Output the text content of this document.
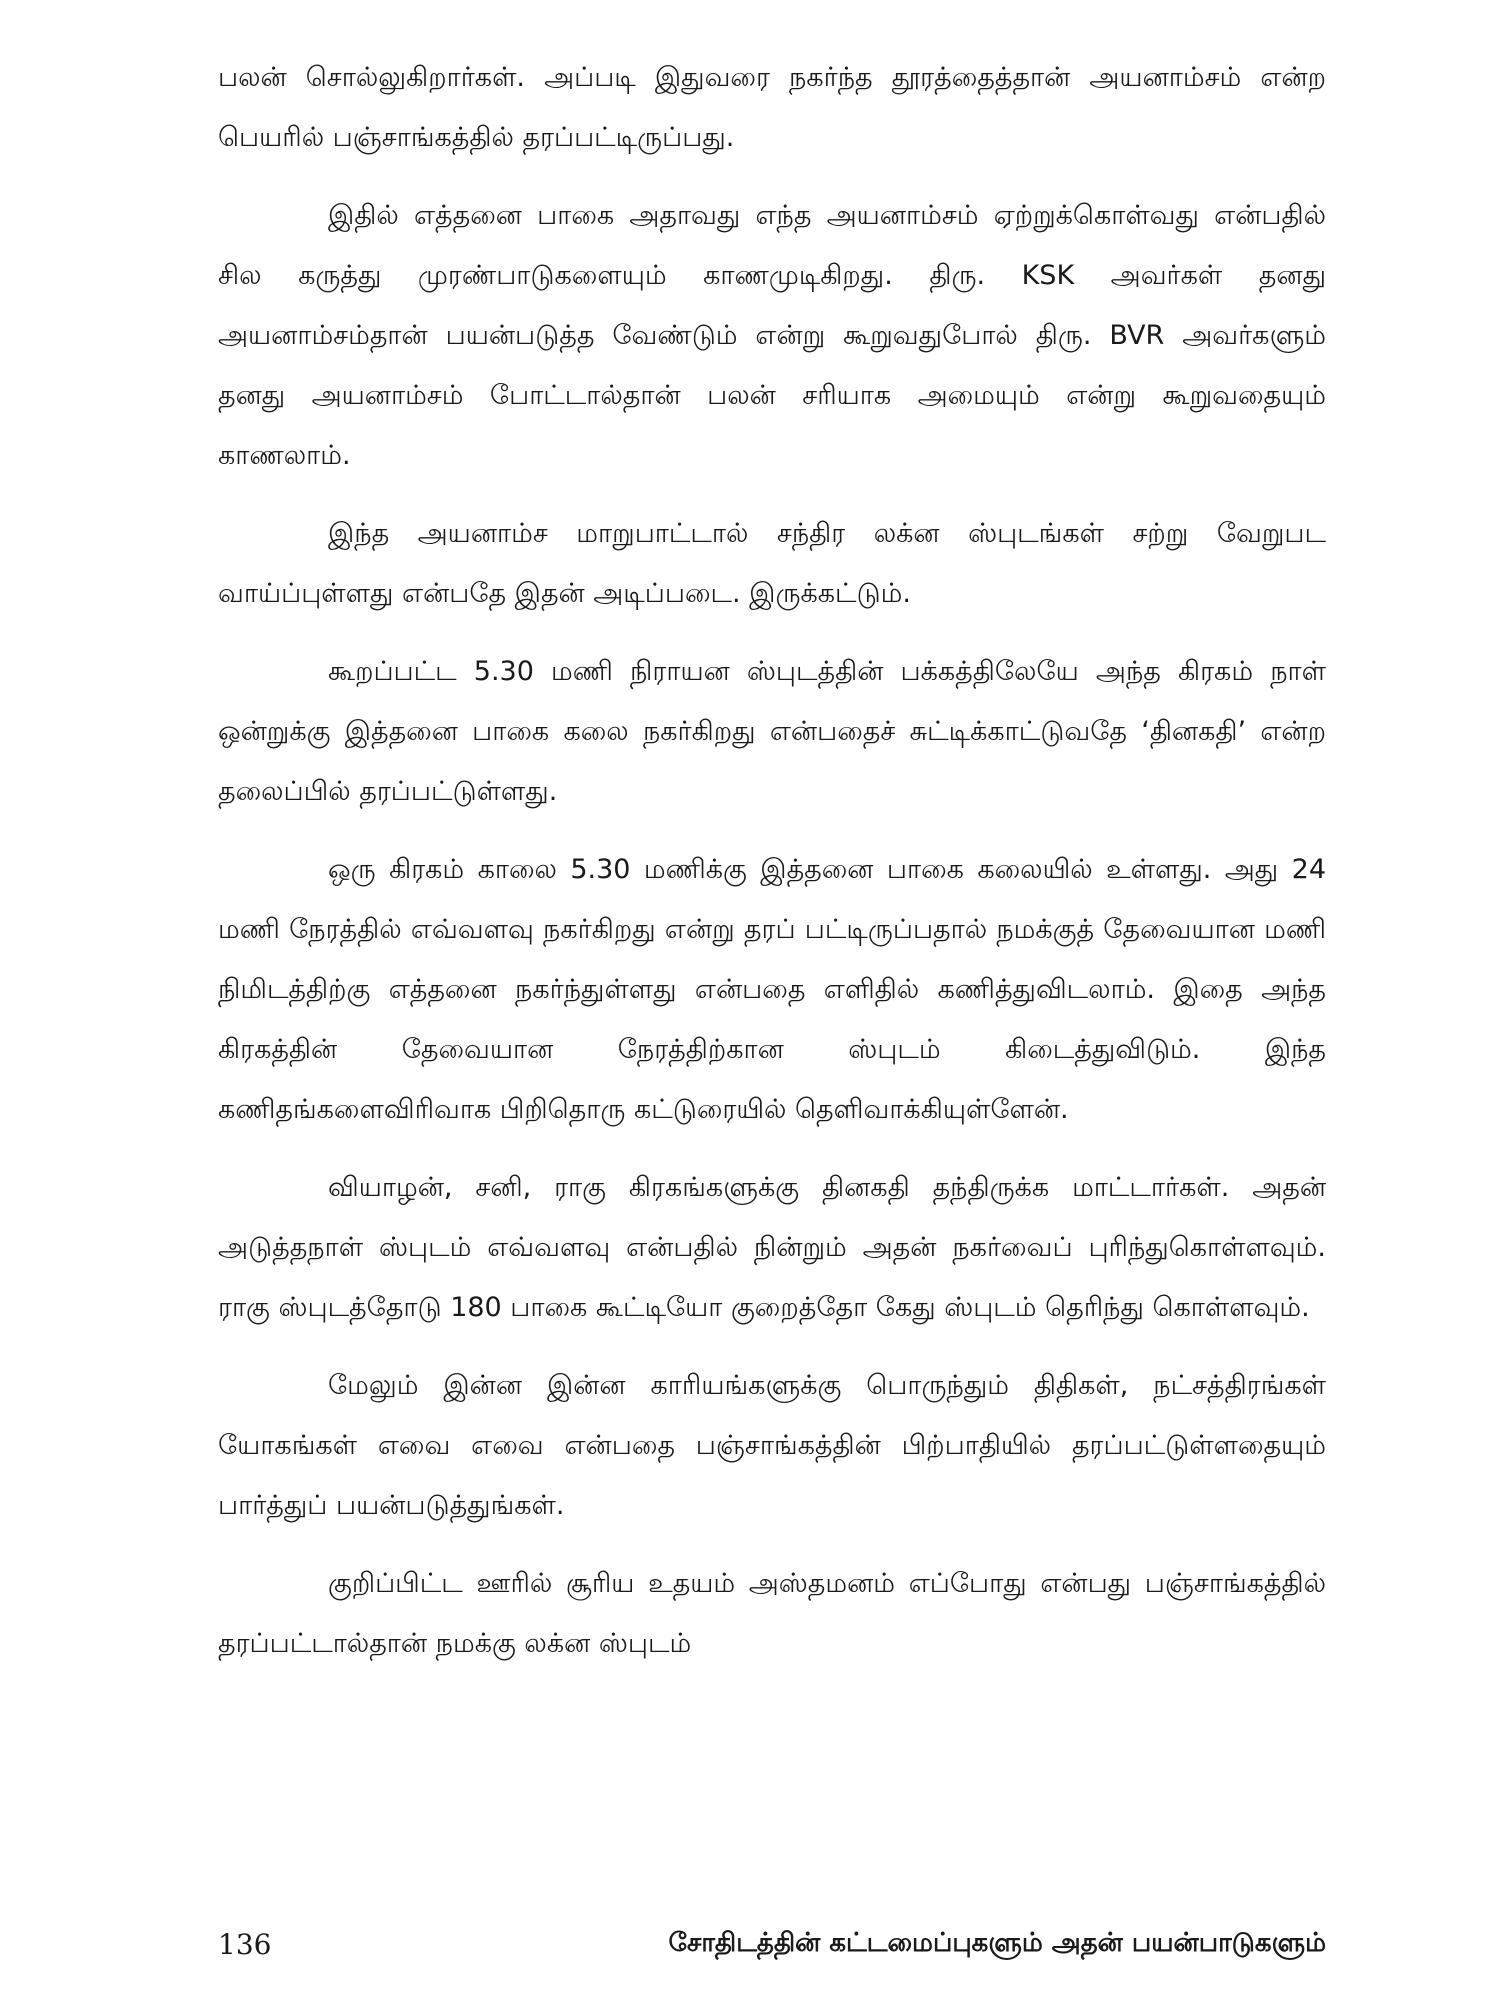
பலன் சொல்லுகிறார்கள். அப்படி இதுவரை நகர்ந்த தூரத்தைத்தான் அயனாம்சம் என்ற பெயரில் பஞ்சாங்கத்தில் தரப்பட்டிருப்பது.

இதில் எத்தனை பாகை அதாவது எந்த அயனாம்சம் ஏற்றுக்கொள்வது என்பதில் சில கருத்து முரண்பாடுகளையும் காணமுடிகிறது. திரு. KSK அவர்கள் தனது அயனாம்சம்தான் பயன்படுத்த வேண்டும் என்று கூறுவதுபோல் திரு. BVR அவர்களும் தனது அயனாம்சம் போட்டால்தான் பலன் சரியாக அமையும் என்று கூறுவதையும் காணலாம்.

இந்த அயனாம்ச மாறுபாட்டால் சந்திர லக்ன ஸ்புடங்கள் சற்று வேறுபட வாய்ப்புள்ளது என்பதே இதன் அடிப்படை. இருக்கட்டும்.

கூறப்பட்ட 5.30 மணி நிராயன ஸ்புடத்தின் பக்கத்திலேயே அந்த கிரகம் நாள் ஒன்றுக்கு இத்தனை பாகை கலை நகர்கிறது என்பதைச் சுட்டிக்காட்டுவதே ‘தினகதி’ என்ற தலைப்பில் தரப்பட்டுள்ளது.

ஒரு கிரகம் காலை 5.30 மணிக்கு இத்தனை பாகை கலையில் உள்ளது. அது 24 மணி நேரத்தில் எவ்வளவு நகர்கிறது என்று தரப் பட்டிருப்பதால் நமக்குத் தேவையான மணி நிமிடத்திற்கு எத்தனை நகர்ந்துள்ளது என்பதை எளிதில் கணித்துவிடலாம். இதை அந்த கிரகத்தின் தேவையான நேரத்திற்கான ஸ்புடம் கிடைத்துவிடும். இந்த கணிதங்களைவிரிவாக பிறிதொரு கட்டுரையில் தெளிவாக்கியுள்ளேன்.

வியாழன், சனி, ராகு கிரகங்களுக்கு தினகதி தந்திருக்க மாட்டார்கள். அதன் அடுத்தநாள் ஸ்புடம் எவ்வளவு என்பதில் நின்றும் அதன் நகர்வைப் புரிந்துகொள்ளவும். ராகு ஸ்புடத்தோடு 180 பாகை கூட்டியோ குறைத்தோ கேது ஸ்புடம் தெரிந்து கொள்ளவும்.

மேலும் இன்ன இன்ன காரியங்களுக்கு பொருந்தும் திதிகள், நட்சத்திரங்கள் யோகங்கள் எவை எவை என்பதை பஞ்சாங்கத்தின் பிற்பாதியில் தரப்பட்டுள்ளதையும் பார்த்துப் பயன்படுத்துங்கள்.

குறிப்பிட்ட ஊரில் சூரிய உதயம் அஸ்தமனம் எப்போது என்பது பஞ்சாங்கத்தில் தரப்பட்டால்தான் நமக்கு லக்ன ஸ்புடம்

136	சோதிடத்தின் கட்டமைப்புகளும் அதன் பயன்பாடுகளும்
